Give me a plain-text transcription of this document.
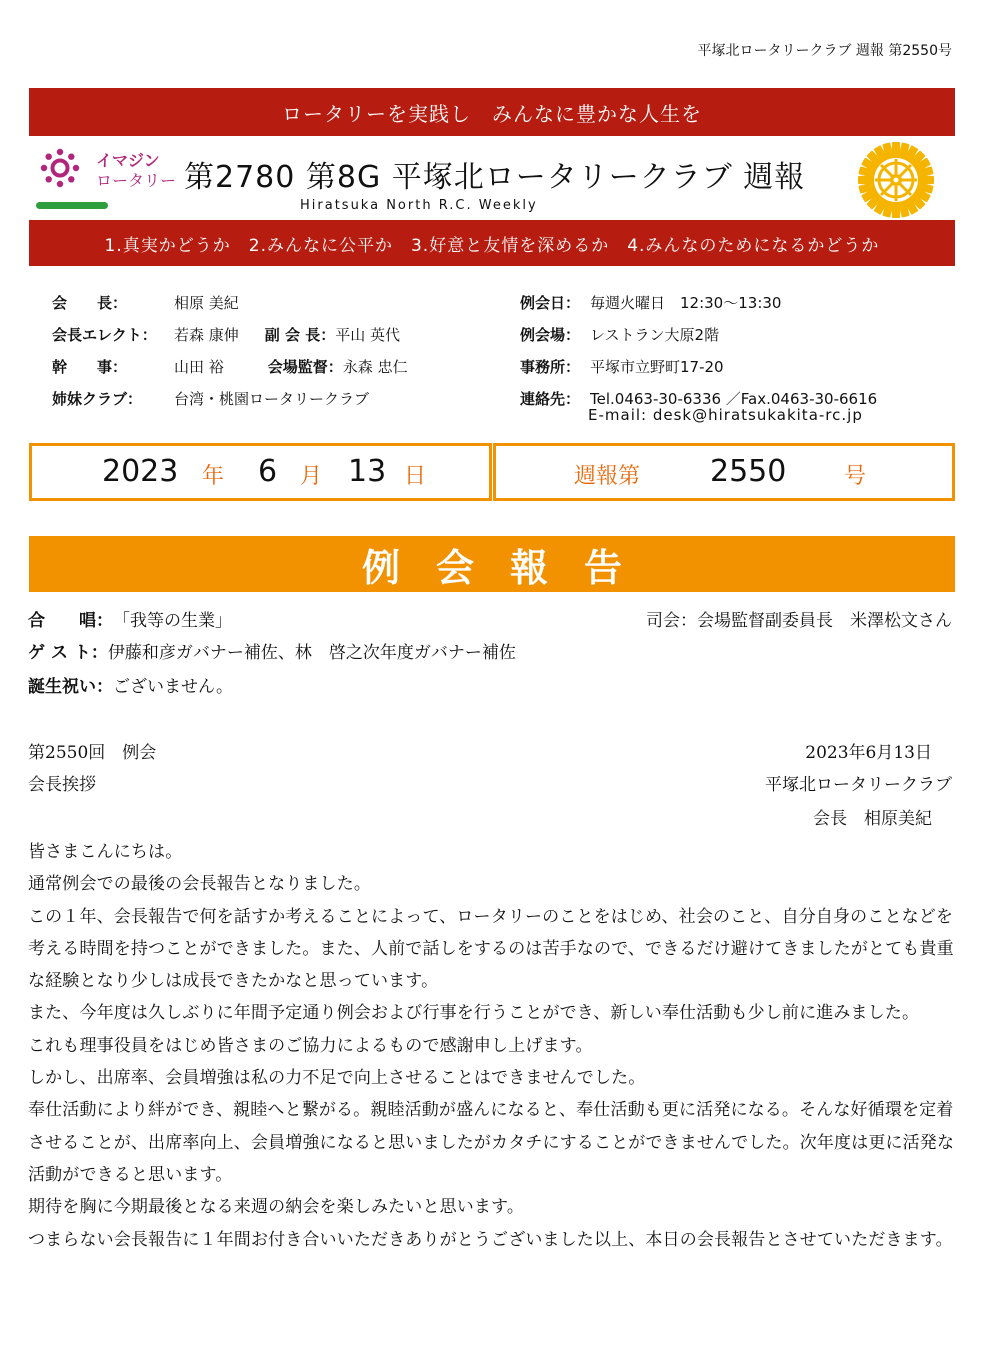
平塚北ロータリークラブ 週報 第2550号
ロータリーを実践し　みんなに豊かな人生を
イマジン
ロータリー 第2780 第8G 平塚北ロータリークラブ 週報
Hiratsuka North R.C. Weekly
1.真実かどうか　2.みんなに公平か　3.好意と友情を深めるか　4.みんなのためになるかどうか
会　　長：	相原 美紀
会長エレクト：	若森 康伸 副 会 長： 平山 英代
幹　　事：	山田 裕	会場監督： 永森 忠仁
姉妹クラブ：	台湾・桃園ロータリークラブ
例会日： 毎週火曜日　12:30〜13:30
例会場： レストラン大原2階
事務所： 平塚市立野町17-20
連絡先： Tel.0463-30-6336 ／Fax.0463-30-6616
E-mail: desk@hiratsukakita-rc.jp
2023 年 6 月 13 日	週報第 2550	号
例会報告
合　　唱：「我等の生業」	司会：会場監督副委員長　米澤松文さん
ゲ ス ト：伊藤和彦ガバナー補佐、林　啓之次年度ガバナー補佐
誕生祝い：ございません。
第2550回　例会	2023年6月13日
会長挨拶	平塚北ロータリークラブ
会長　相原美紀

皆さまこんにちは。

通常例会での最後の会長報告となりました。

この１年、会長報告で何を話すか考えることによって、ロータリーのことをはじめ、社会のこと、自分自身のことなどを考える時間を持つことができました。また、人前で話しをするのは苦手なので、できるだけ避けてきましたがとても貴重な経験となり少しは成長できたかなと思っています。

また、今年度は久しぶりに年間予定通り例会および行事を行うことができ、新しい奉仕活動も少し前に進みました。

これも理事役員をはじめ皆さまのご協力によるもので感謝申し上げます。

しかし、出席率、会員増強は私の力不足で向上させることはできませんでした。

奉仕活動により絆ができ、親睦へと繋がる。親睦活動が盛んになると、奉仕活動も更に活発になる。そんな好循環を定着させることが、出席率向上、会員増強になると思いましたがカタチにすることができませんでした。次年度は更に活発な活動ができると思います。

期待を胸に今期最後となる来週の納会を楽しみたいと思います。

つまらない会長報告に１年間お付き合いいただきありがとうございました以上、本日の会長報告とさせていただきます。
